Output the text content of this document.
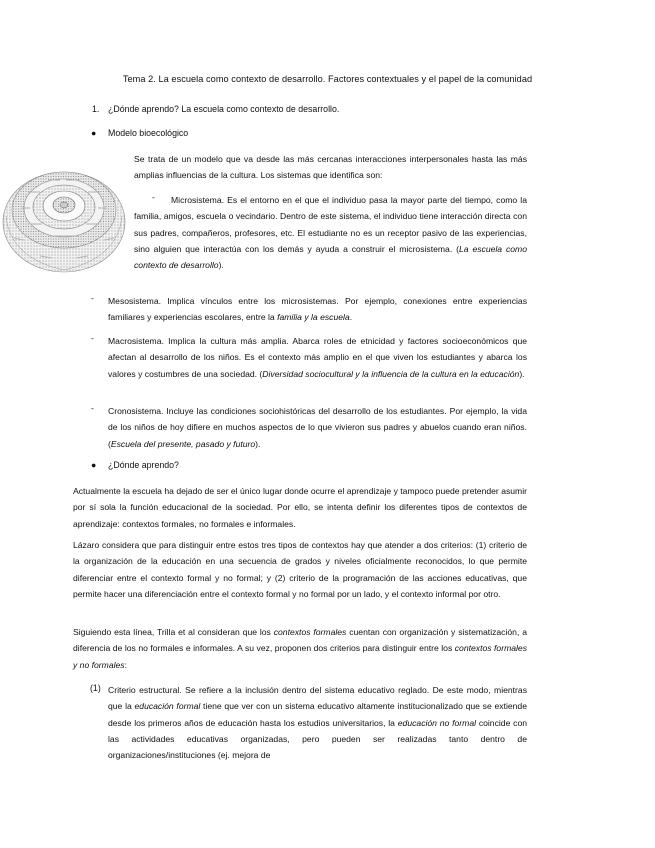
Tema 2. La escuela como contexto de desarrollo. Factores contextuales y el papel de la comunidad
1. ¿Dónde aprendo? La escuela como contexto de desarrollo.
● Modelo bioecológico
Se trata de un modelo que va desde las más cercanas interacciones interpersonales hasta las más amplias influencias de la cultura. Los sistemas que identifica son:
-	Microsistema. Es el entorno en el que el individuo pasa la mayor parte del tiempo, como la familia, amigos, escuela o vecindario. Dentro de este sistema, el individuo tiene interacción directa con sus padres, compañeros, profesores, etc. El estudiante no es un receptor pasivo de las experiencias, sino alguien que interactúa con los demás y ayuda a construir el microsistema. (La escuela como contexto de desarrollo).
- Mesosistema. Implica vínculos entre los microsistemas. Por ejemplo, conexiones entre experiencias familiares y experiencias escolares, entre la familia y la escuela.
- Macrosistema. Implica la cultura más amplia. Abarca roles de etnicidad y factores socioeconómicos que afectan al desarrollo de los niños. Es el contexto más amplio en el que viven los estudiantes y abarca los valores y costumbres de una sociedad. (Diversidad sociocultural y la influencia de la cultura en la educación).
- Cronosistema. Incluye las condiciones sociohistóricas del desarrollo de los estudiantes. Por ejemplo, la vida de los niños de hoy difiere en muchos aspectos de lo que vivieron sus padres y abuelos cuando eran niños. (Escuela del presente, pasado y futuro).
● ¿Dónde aprendo?
Actualmente la escuela ha dejado de ser el único lugar donde ocurre el aprendizaje y tampoco puede pretender asumir por sí sola la función educacional de la sociedad. Por ello, se intenta definir los diferentes tipos de contextos de aprendizaje: contextos formales, no formales e informales.
Lázaro considera que para distinguir entre estos tres tipos de contextos hay que atender a dos criterios: (1) criterio de la organización de la educación en una secuencia de grados y niveles oficialmente reconocidos, lo que permite diferenciar entre el contexto formal y no formal; y (2) criterio de la programación de las acciones educativas, que permite hacer una diferenciación entre el contexto formal y no formal por un lado, y el contexto informal por otro.
Siguiendo esta línea, Trilla et al consideran que los contextos formales cuentan con organización y sistematización, a diferencia de los no formales e informales. A su vez, proponen dos criterios para distinguir entre los contextos formales y no formales:
(1) Criterio estructural. Se refiere a la inclusión dentro del sistema educativo reglado. De este modo, mientras que la educación formal tiene que ver con un sistema educativo altamente institucionalizado que se extiende desde los primeros años de educación hasta los estudios universitarios, la educación no formal coincide con las actividades educativas organizadas, pero pueden ser realizadas tanto dentro de organizaciones/instituciones (ej. mejora de
